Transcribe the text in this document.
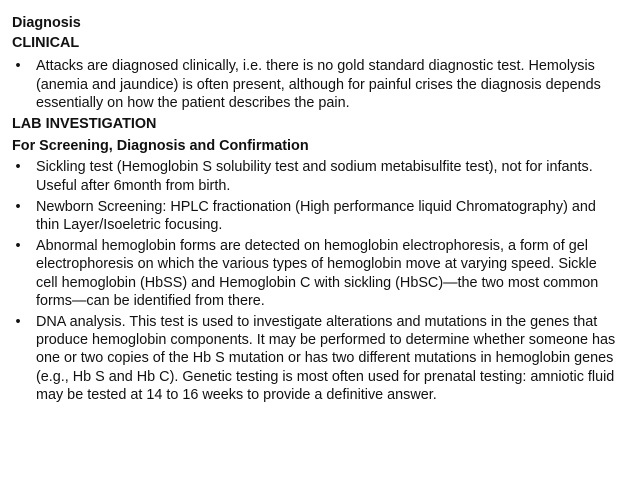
Diagnosis

CLINICAL

• Attacks are diagnosed clinically, i.e. there is no gold standard diagnostic test. Hemolysis (anemia and jaundice) is often present, although for painful crises the diagnosis depends essentially on how the patient describes the pain.

LAB INVESTIGATION

For Screening, Diagnosis and Confirmation

• Sickling test (Hemoglobin S solubility test and sodium metabisulfite test), not for infants. Useful after 6month from birth.
• Newborn Screening: HPLC fractionation (High performance liquid Chromatography) and thin Layer/Isoeletric focusing.
• Abnormal hemoglobin forms are detected on hemoglobin electrophoresis, a form of gel electrophoresis on which the various types of hemoglobin move at varying speed. Sickle cell hemoglobin (HbSS) and Hemoglobin C with sickling (HbSC)—the two most common forms—can be identified from there.
• DNA analysis. This test is used to investigate alterations and mutations in the genes that produce hemoglobin components. It may be performed to determine whether someone has one or two copies of the Hb S mutation or has two different mutations in hemoglobin genes (e.g., Hb S and Hb C). Genetic testing is most often used for prenatal testing: amniotic fluid may be tested at 14 to 16 weeks to provide a definitive answer.
